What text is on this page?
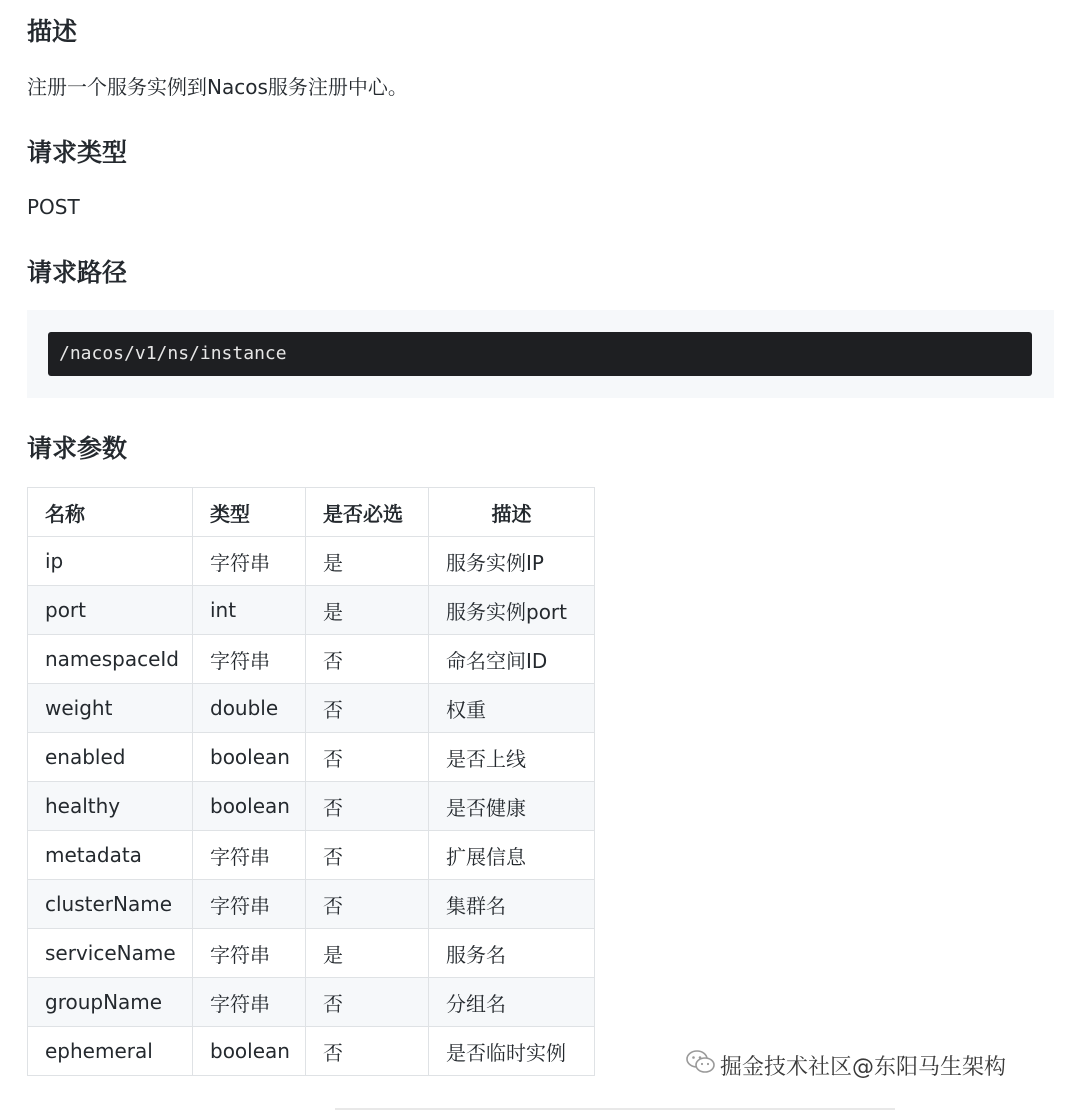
描述

注册一个服务实例到Nacos服务注册中心。

请求类型

POST

请求路径
/nacos/v1/ns/instance
请求参数
名称	类型	是否必选	描述
ip	字符串	是	服务实例IP
port	int	是	服务实例port
namespaceId	字符串	否	命名空间ID
weight	double	否	权重
enabled	boolean	否	是否上线
healthy	boolean	否	是否健康
metadata	字符串	否	扩展信息
clusterName	字符串	否	集群名
serviceName	字符串	是	服务名
groupName	字符串	否	分组名
ephemeral	boolean	否	是否临时实例
掘金技术社区@东阳马生架构
